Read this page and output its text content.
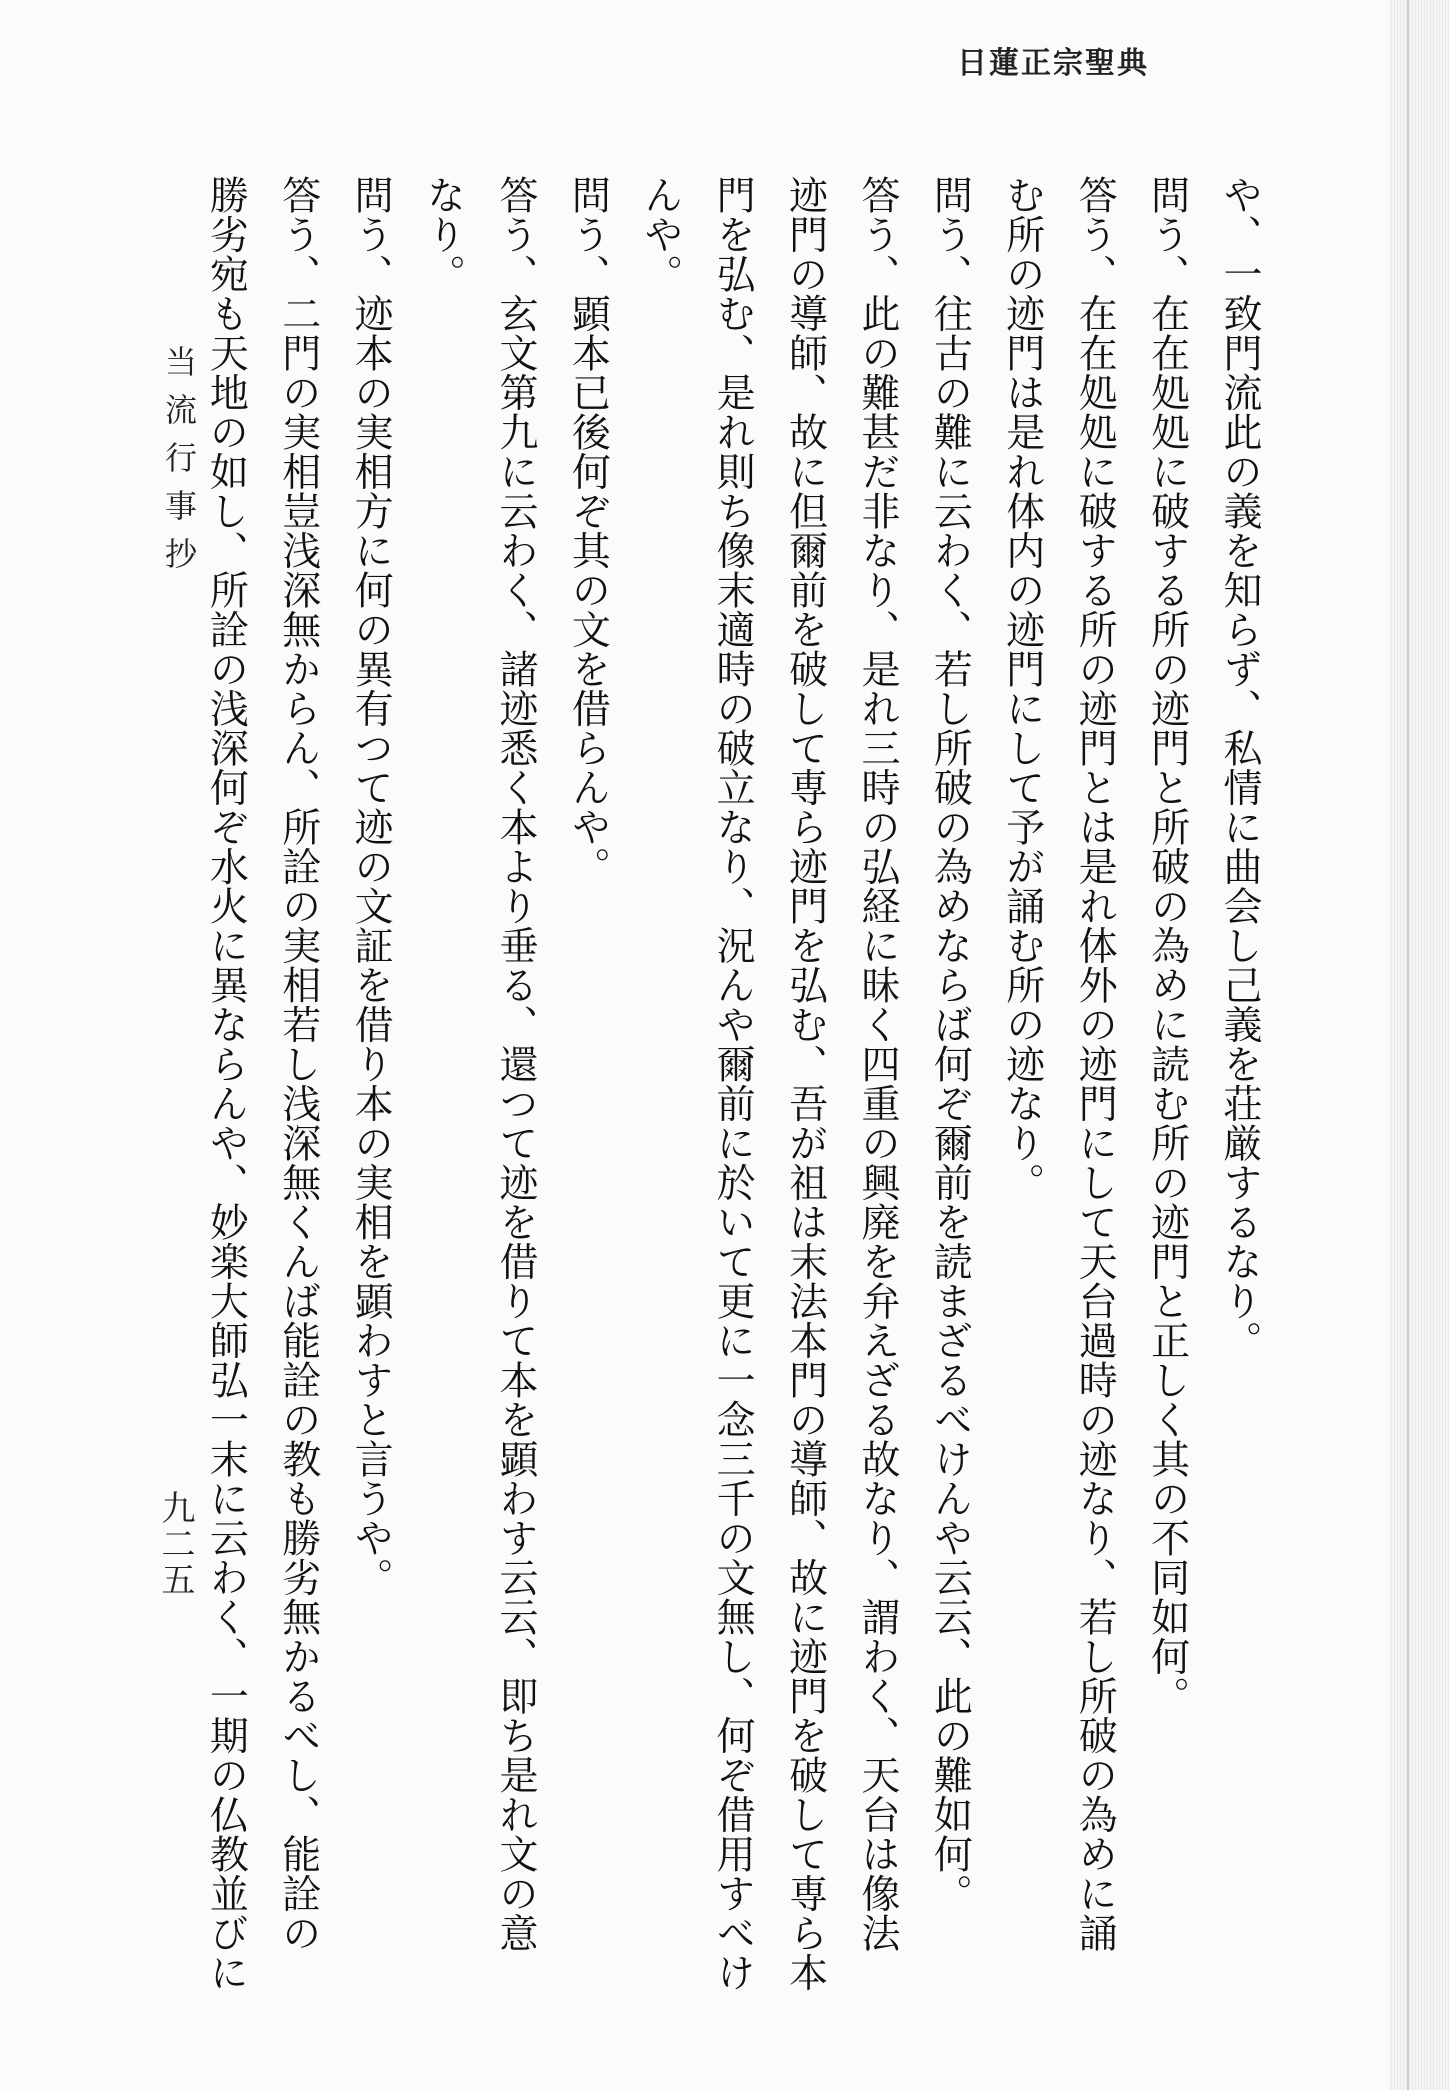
日蓮正宗聖典

や、一致門流此の義を知らず、私情に曲会し己義を荘厳するなり。

問う、在在処処に破する所の迹門と所破の為めに読む所の迹門と正しく其の不同如何。

答う、在在処処に破する所の迹門とは是れ体外の迹門にして天台過時の迹なり、若し所破の為めに誦

む所の迹門は是れ体内の迹門にして予が誦む所の迹なり。

問う、往古の難に云わく、若し所破の為めならば何ぞ爾前を読まざるべけんや云云、此の難如何。

答う、此の難甚だ非なり、是れ三時の弘経に昧く四重の興廃を弁えざる故なり、謂わく、天台は像法

迹門の導師、故に但爾前を破して専ら迹門を弘む、吾が祖は末法本門の導師、故に迹門を破して専ら本

門を弘む、是れ則ち像末適時の破立なり、況んや爾前に於いて更に一念三千の文無し、何ぞ借用すべけ

んや。

問う、顕本已後何ぞ其の文を借らんや。

答う、玄文第九に云わく、諸迹悉く本より垂る、還つて迹を借りて本を顕わす云云、即ち是れ文の意

なり。

問う、迹本の実相方に何の異有つて迹の文証を借り本の実相を顕わすと言うや。

答う、二門の実相豈浅深無からん、所詮の実相若し浅深無くんば能詮の教も勝劣無かるべし、能詮の

勝劣宛も天地の如し、所詮の浅深何ぞ水火に異ならんや、妙楽大師弘一末に云わく、一期の仏教並びに

当流行事抄
九二五
